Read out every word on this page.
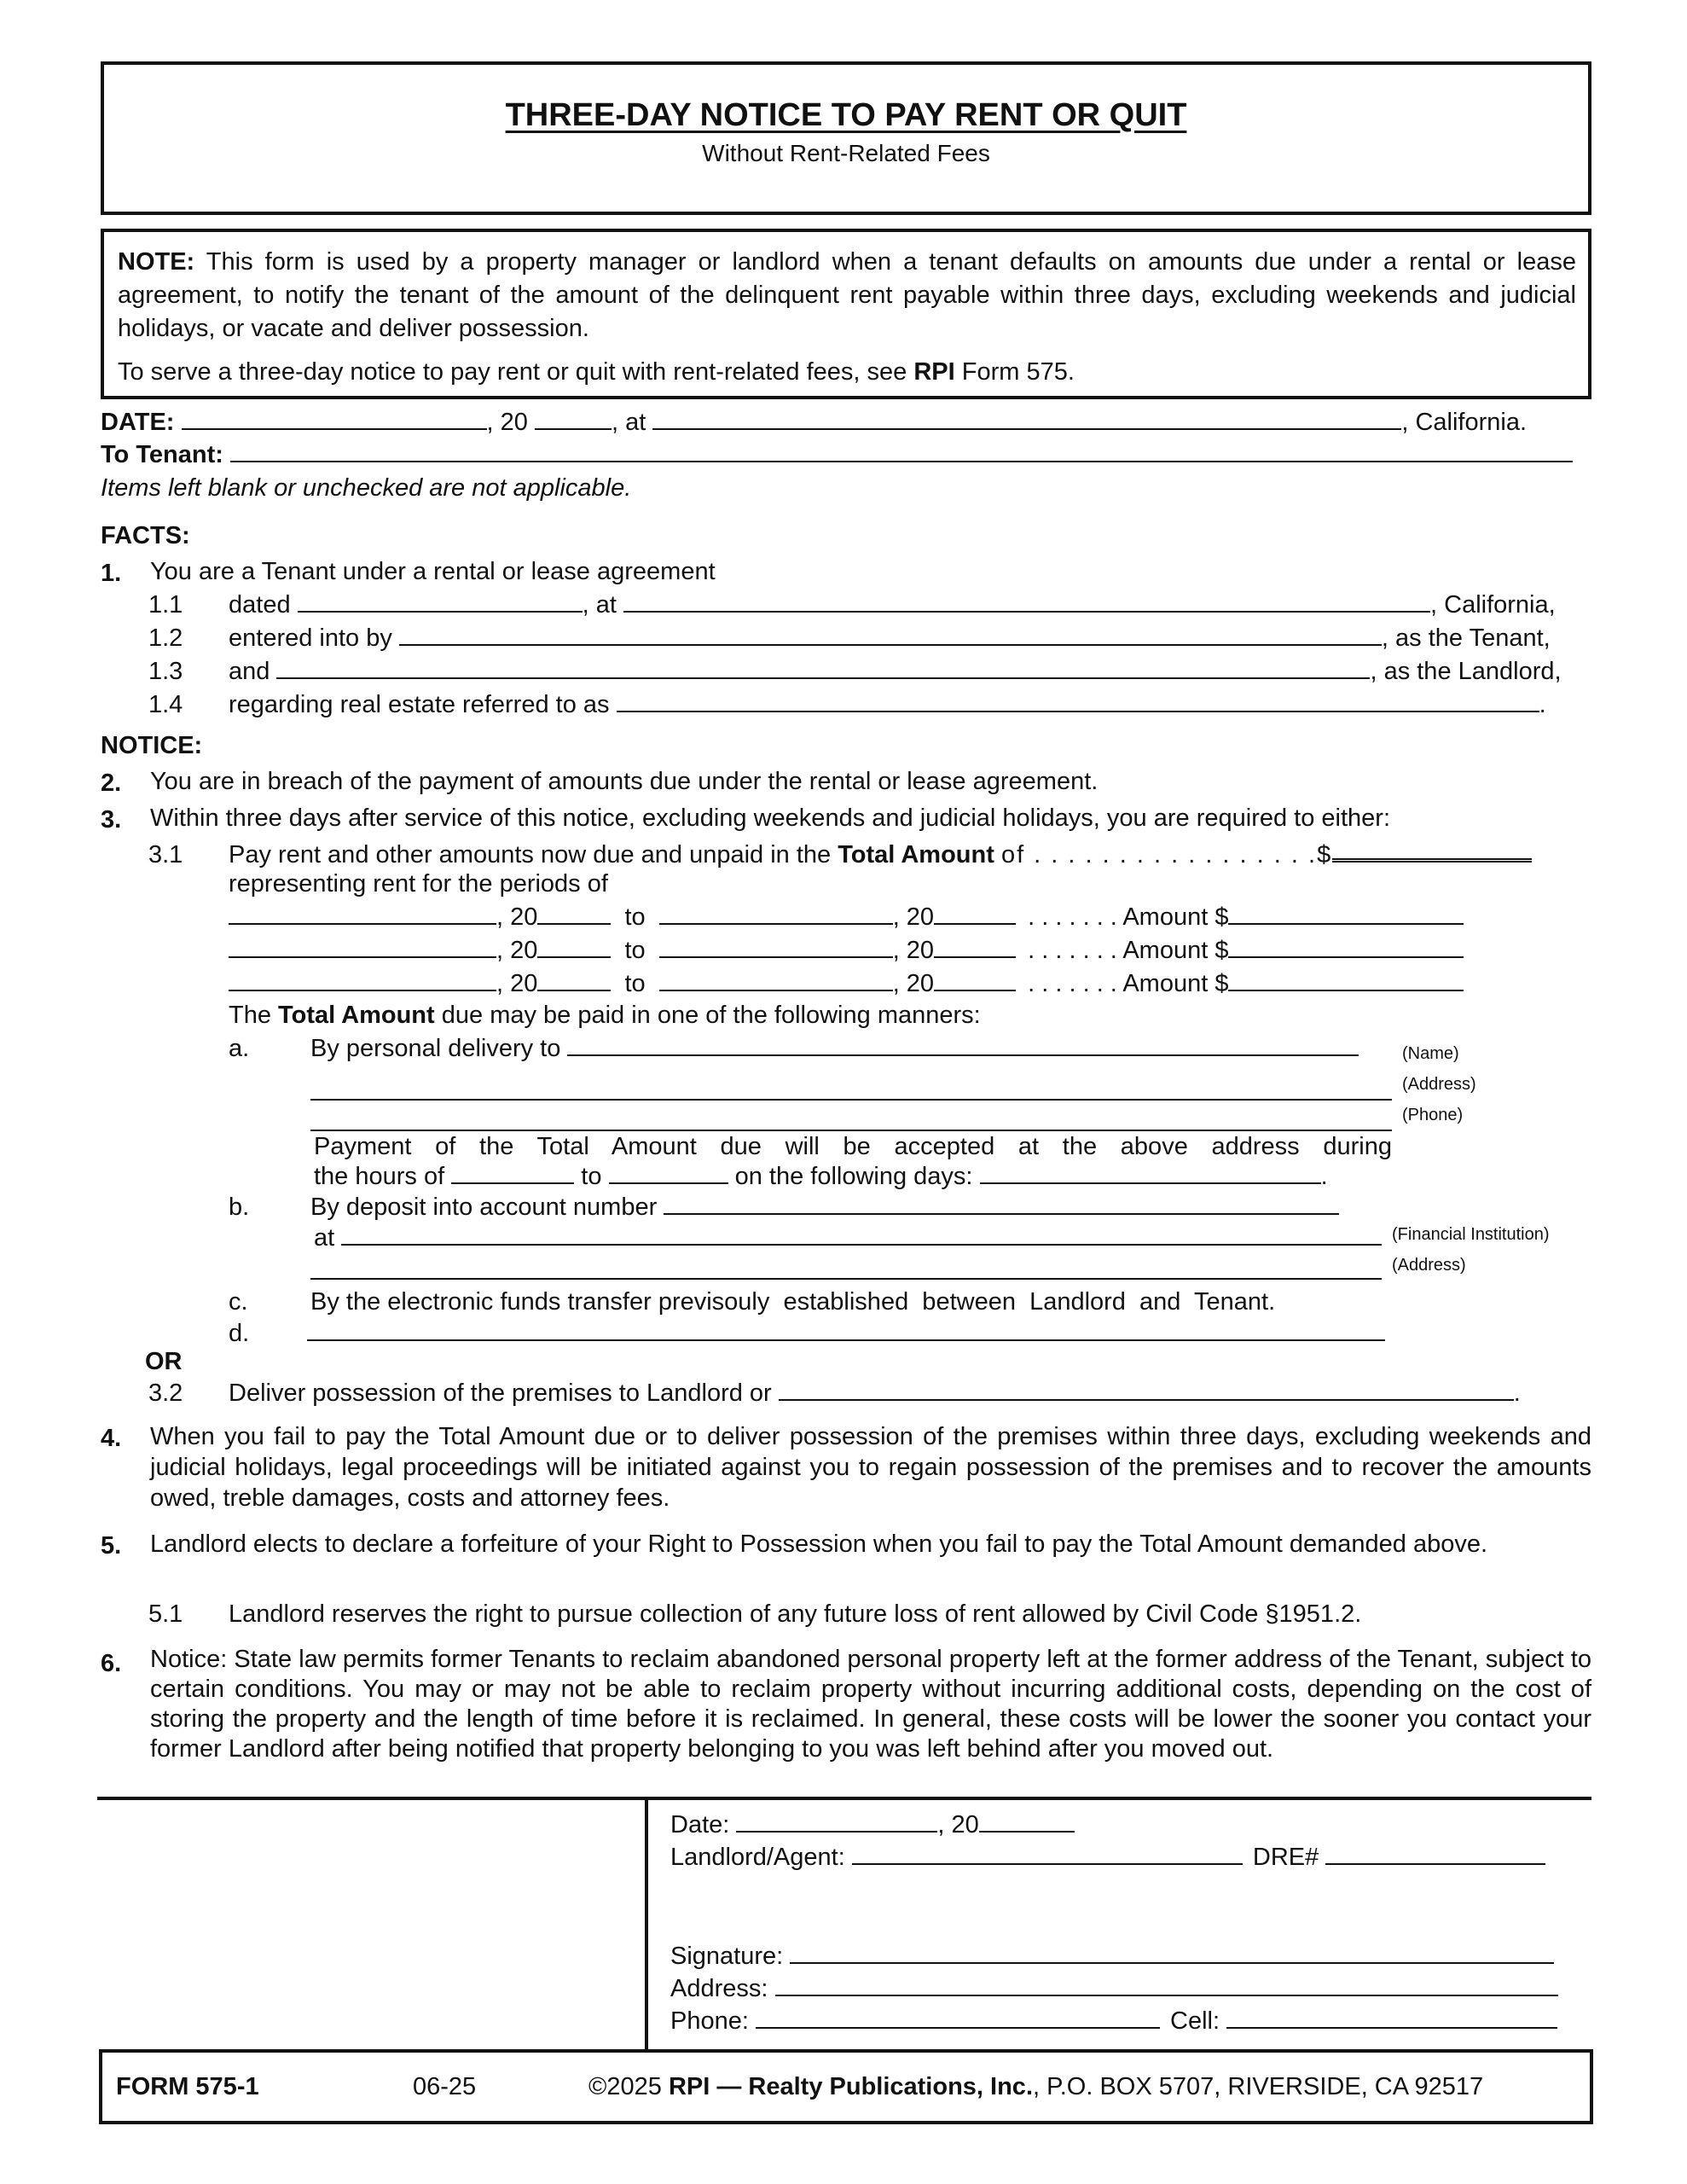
THREE-DAY NOTICE TO PAY RENT OR QUIT
Without Rent-Related Fees
NOTE: This form is used by a property manager or landlord when a tenant defaults on amounts due under a rental or lease agreement, to notify the tenant of the amount of the delinquent rent payable within three days, excluding weekends and judicial holidays, or vacate and deliver possession.
To serve a three-day notice to pay rent or quit with rent-related fees, see RPI Form 575.
DATE:	, 20	, at	, California.
To Tenant:
Items left blank or unchecked are not applicable.
FACTS:
1. You are a Tenant under a rental or lease agreement
1.1 dated	, at	, California,
1.2 entered into by	, as the Tenant,
1.3 and	, as the Landlord,
1.4 regarding real estate referred to as	.
NOTICE:
2. You are in breach of the payment of amounts due under the rental or lease agreement.
3. Within three days after service of this notice, excluding weekends and judicial holidays, you are required to either:
3.1 Pay rent and other amounts now due and unpaid in the Total Amount of . . . . . . . . . . . . . . . . .$
representing rent for the periods of
, 20	to	, 20	. . . . . . . Amount $
, 20	to	, 20	. . . . . . . Amount $
, 20	to	, 20	. . . . . . . Amount $
The Total Amount due may be paid in one of the following manners:
a. By personal delivery to	(Name)
(Address)
(Phone)
Payment of the Total Amount due will be accepted at the above address during
the hours of	to	on the following days:	.
b. By deposit into account number
at	(Financial Institution)
(Address)
c.	By the electronic funds transfer previsouly  established  between  Landlord  and  Tenant.
d.
OR
3.2 Deliver possession of the premises to Landlord or	.
4. When you fail to pay the Total Amount due or to deliver possession of the premises within three days, excluding weekends and judicial holidays, legal proceedings will be initiated against you to regain possession of the premises and to recover the amounts owed, treble damages, costs and attorney fees.
5. Landlord elects to declare a forfeiture of your Right to Possession when you fail to pay the Total Amount demanded above.
5.1 Landlord reserves the right to pursue collection of any future loss of rent allowed by Civil Code §1951.2.
6. Notice: State law permits former Tenants to reclaim abandoned personal property left at the former address of the Tenant, subject to certain conditions. You may or may not be able to reclaim property without incurring additional costs, depending on the cost of storing the property and the length of time before it is reclaimed. In general, these costs will be lower the sooner you contact your former Landlord after being notified that property belonging to you was left behind after you moved out.
Date:	, 20
Landlord/Agent:	DRE#
Signature:
Address:
Phone:	Cell:
FORM 575-1	06-25	©2025 RPI — Realty Publications, Inc., P.O. BOX 5707, RIVERSIDE, CA 92517
